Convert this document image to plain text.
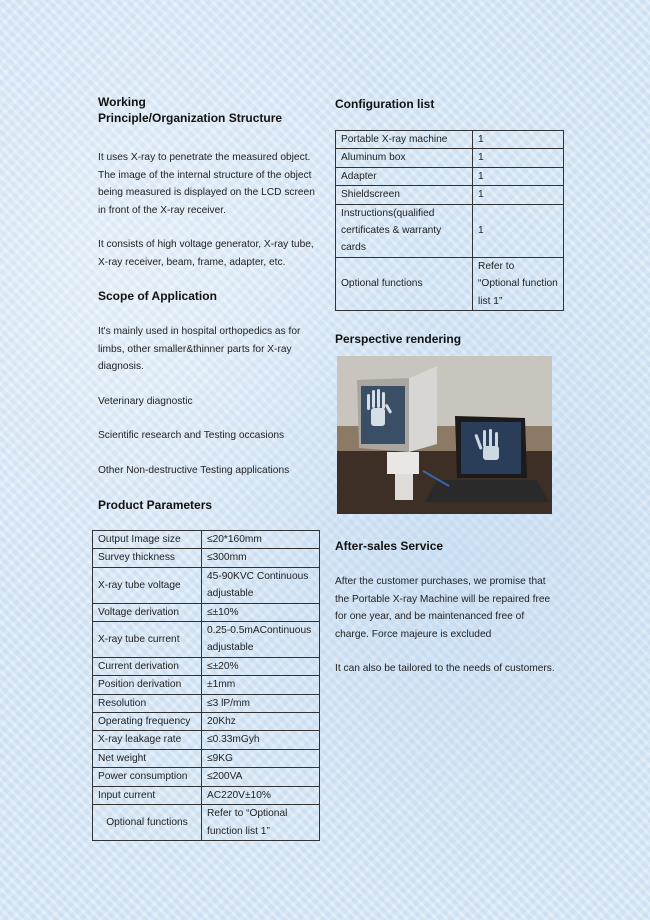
Working
Principle/Organization Structure

It uses X-ray to penetrate the measured object. The image of the internal structure of the object being measured is displayed on the LCD screen in front of the X-ray receiver.

It consists of high voltage generator, X-ray tube, X-ray receiver, beam, frame, adapter, etc.

Scope of Application

It's mainly used in hospital orthopedics as for limbs, other smaller&thinner parts for X-ray diagnosis.

Veterinary diagnostic

Scientific research and Testing occasions

Other Non-destructive Testing applications

Product Parameters
Output Image size	≤20*160mm
Survey thickness	≤300mm
X-ray tube voltage	45-90KVC Continuous adjustable
Voltage derivation	≤±10%
X-ray tube current	0.25-0.5mAContinuous adjustable
Current derivation	≤±20%
Position derivation	±1mm
Resolution	≤3 lP/mm
Operating frequency	20Khz
X-ray leakage rate	≤0.33mGyh
Net weight	≤9KG
Power consumption	≤200VA
Input current	AC220V±10%
Optional functions	Refer to “Optional function list 1”
Configuration list
Portable X-ray machine	1
Aluminum box	1
Adapter	1
Shieldscreen	1
Instructions(qualified certificates & warranty cards	1
Optional functions	Refer to “Optional function list 1”
Perspective rendering
After-sales Service

After the customer purchases, we promise that the Portable X-ray Machine will be repaired free for one year, and be maintenanced free of charge. Force majeure is excluded

It can also be tailored to the needs of customers.
